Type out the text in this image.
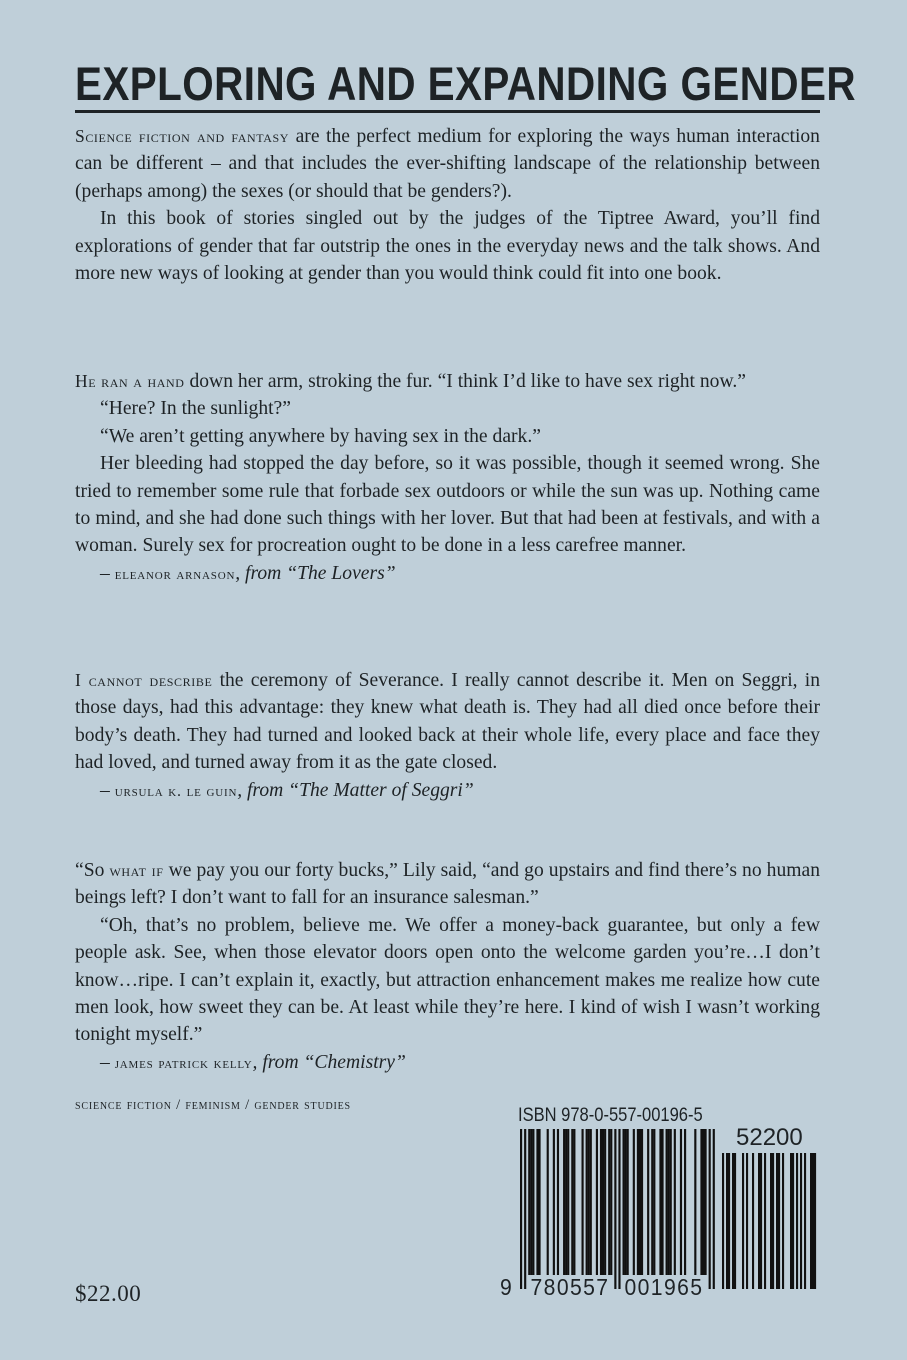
EXPLORING AND EXPANDING GENDER

Science fiction and fantasy are the perfect medium for exploring the ways human interaction can be different – and that includes the ever-shifting landscape of the relationship between (perhaps among) the sexes (or should that be genders?).

In this book of stories singled out by the judges of the Tiptree Award, you’ll find explorations of gender that far outstrip the ones in the everyday news and the talk shows. And more new ways of looking at gender than you would think could fit into one book.

He ran a hand down her arm, stroking the fur. “I think I’d like to have sex right now.”

“Here? In the sunlight?”

“We aren’t getting anywhere by having sex in the dark.”

Her bleeding had stopped the day before, so it was possible, though it seemed wrong. She tried to remember some rule that forbade sex outdoors or while the sun was up. Nothing came to mind, and she had done such things with her lover. But that had been at festivals, and with a woman. Surely sex for procreation ought to be done in a less carefree manner.

– eleanor arnason, from “The Lovers”

I cannot describe the ceremony of Severance. I really cannot describe it. Men on Seggri, in those days, had this advantage: they knew what death is. They had all died once before their body’s death. They had turned and looked back at their whole life, every place and face they had loved, and turned away from it as the gate closed.

– ursula k. le guin, from “The Matter of Seggri”

“So what if we pay you our forty bucks,” Lily said, “and go upstairs and find there’s no human beings left? I don’t want to fall for an insurance salesman.”

“Oh, that’s no problem, believe me. We offer a money-back guarantee, but only a few people ask. See, when those elevator doors open onto the welcome garden you’re…I don’t know…ripe. I can’t explain it, exactly, but attraction enhancement makes me realize how cute men look, how sweet they can be. At least while they’re here. I kind of wish I wasn’t working tonight myself.”

– james patrick kelly, from “Chemistry”

science fiction / feminism / gender studies
$22.00
ISBN 978-0-557-00196-5
52200
9 780557 001965
